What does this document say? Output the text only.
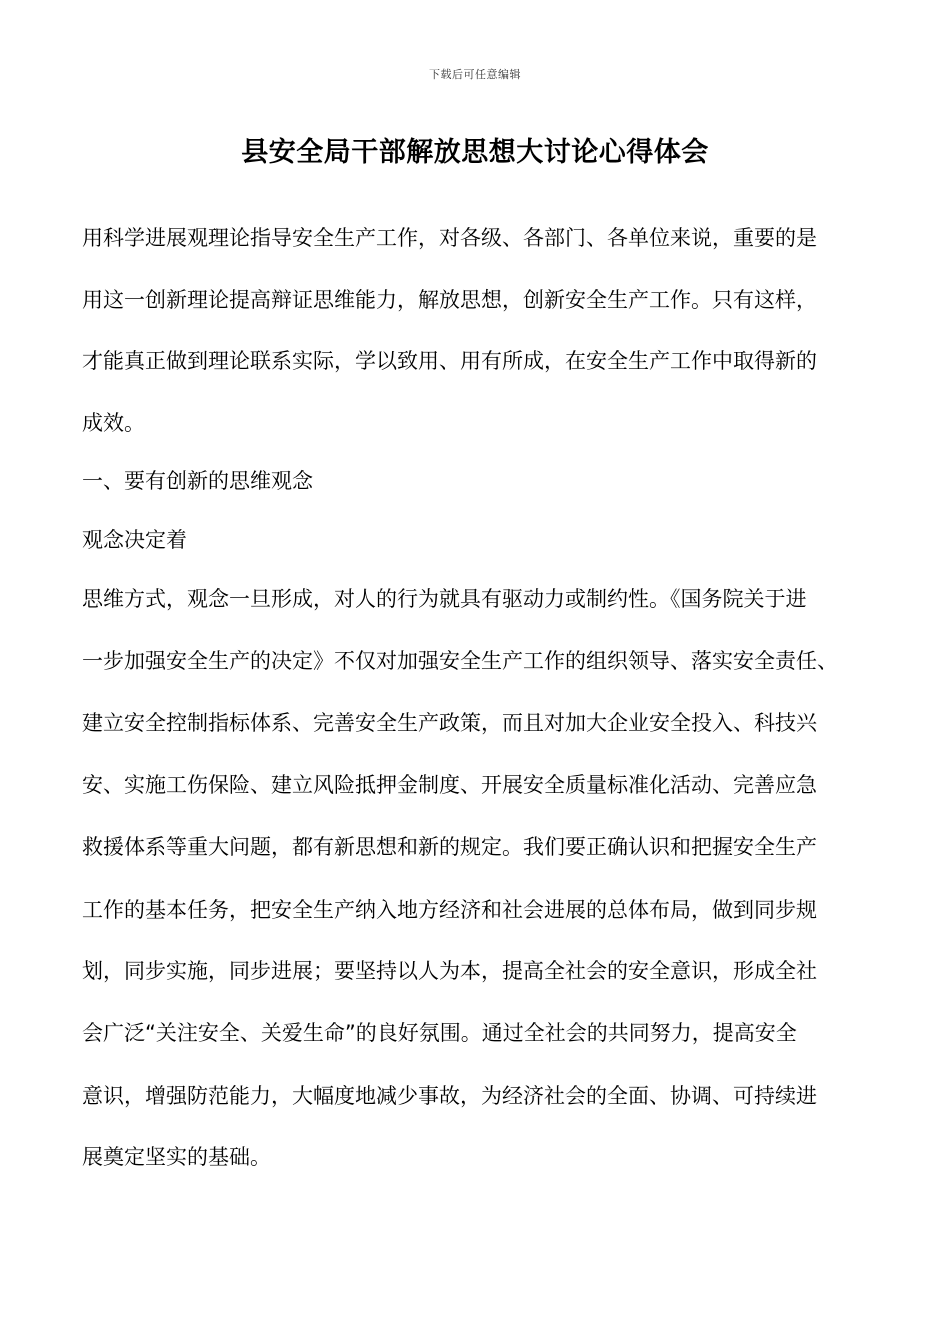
下载后可任意编辑
县安全局干部解放思想大讨论心得体会
用科学进展观理论指导安全生产工作，对各级、各部门、各单位来说，重要的是
用这一创新理论提高辩证思维能力，解放思想，创新安全生产工作。只有这样，
才能真正做到理论联系实际，学以致用、用有所成，在安全生产工作中取得新的
成效。
一、要有创新的思维观念
观念决定着
思维方式，观念一旦形成，对人的行为就具有驱动力或制约性。《国务院关于进
一步加强安全生产的决定》不仅对加强安全生产工作的组织领导、落实安全责任、
建立安全控制指标体系、完善安全生产政策，而且对加大企业安全投入、科技兴
安、实施工伤保险、建立风险抵押金制度、开展安全质量标准化活动、完善应急
救援体系等重大问题，都有新思想和新的规定。我们要正确认识和把握安全生产
工作的基本任务，把安全生产纳入地方经济和社会进展的总体布局，做到同步规
划，同步实施，同步进展；要坚持以人为本，提高全社会的安全意识，形成全社
会广泛“关注安全、关爱生命”的良好氛围。通过全社会的共同努力，提高安全
意识，增强防范能力，大幅度地减少事故，为经济社会的全面、协调、可持续进
展奠定坚实的基础。
